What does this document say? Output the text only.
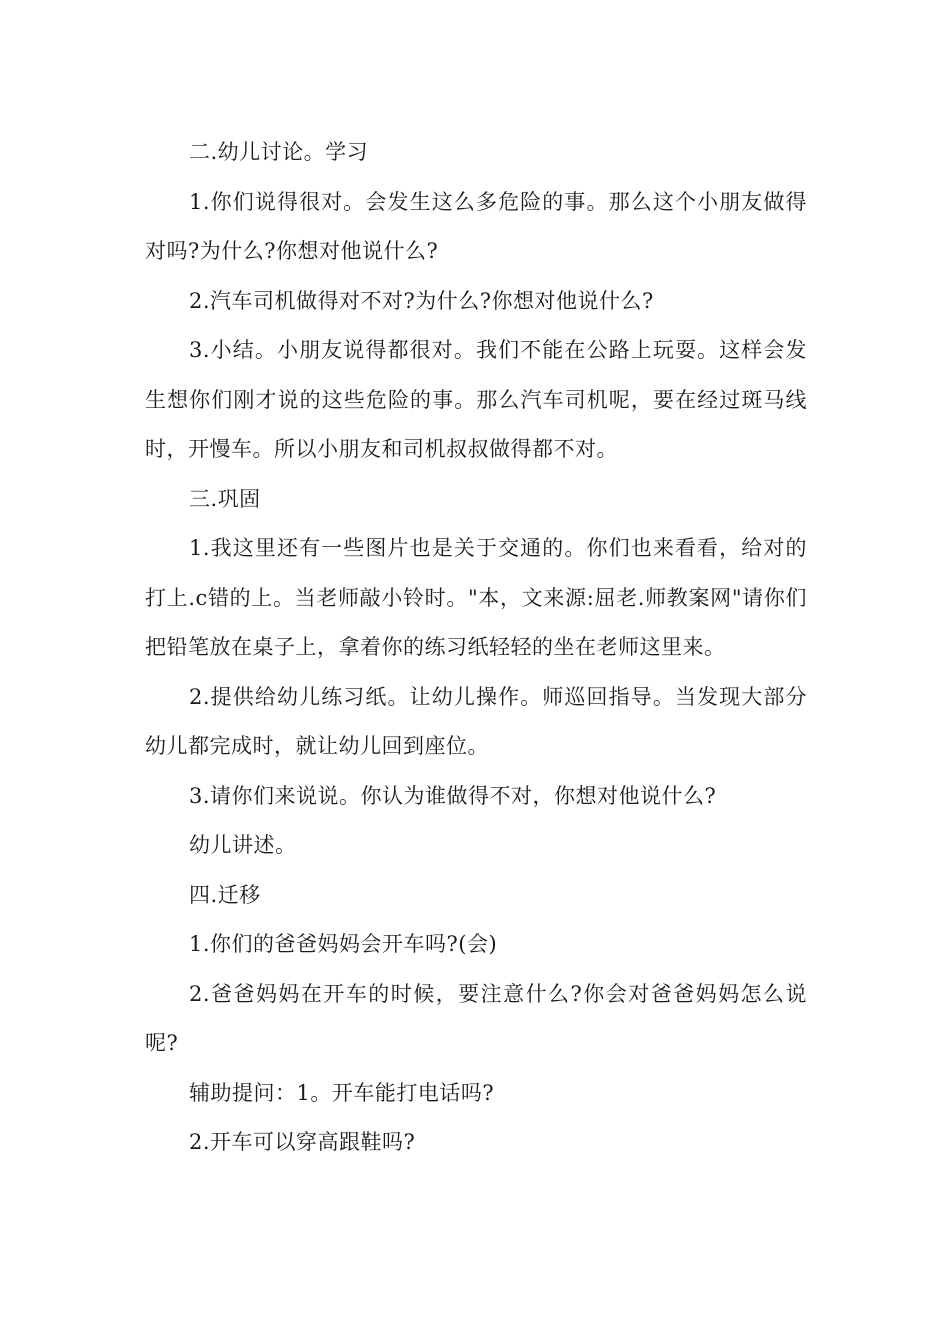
二.幼儿讨论。学习

1.你们说得很对。会发生这么多危险的事。那么这个小朋友做得对吗?为什么?你想对他说什么?

2.汽车司机做得对不对?为什么?你想对他说什么?

3.小结。小朋友说得都很对。我们不能在公路上玩耍。这样会发生想你们刚才说的这些危险的事。那么汽车司机呢，要在经过斑马线时，开慢车。所以小朋友和司机叔叔做得都不对。

三.巩固

1.我这里还有一些图片也是关于交通的。你们也来看看，给对的打上.c错的上。当老师敲小铃时。"本，文来源:屈老.师教案网"请你们把铅笔放在桌子上，拿着你的练习纸轻轻的坐在老师这里来。

2.提供给幼儿练习纸。让幼儿操作。师巡回指导。当发现大部分幼儿都完成时，就让幼儿回到座位。

3.请你们来说说。你认为谁做得不对，你想对他说什么?

幼儿讲述。

四.迁移

1.你们的爸爸妈妈会开车吗?(会)

2.爸爸妈妈在开车的时候，要注意什么?你会对爸爸妈妈怎么说呢?

辅助提问：1。开车能打电话吗?

2.开车可以穿高跟鞋吗?
